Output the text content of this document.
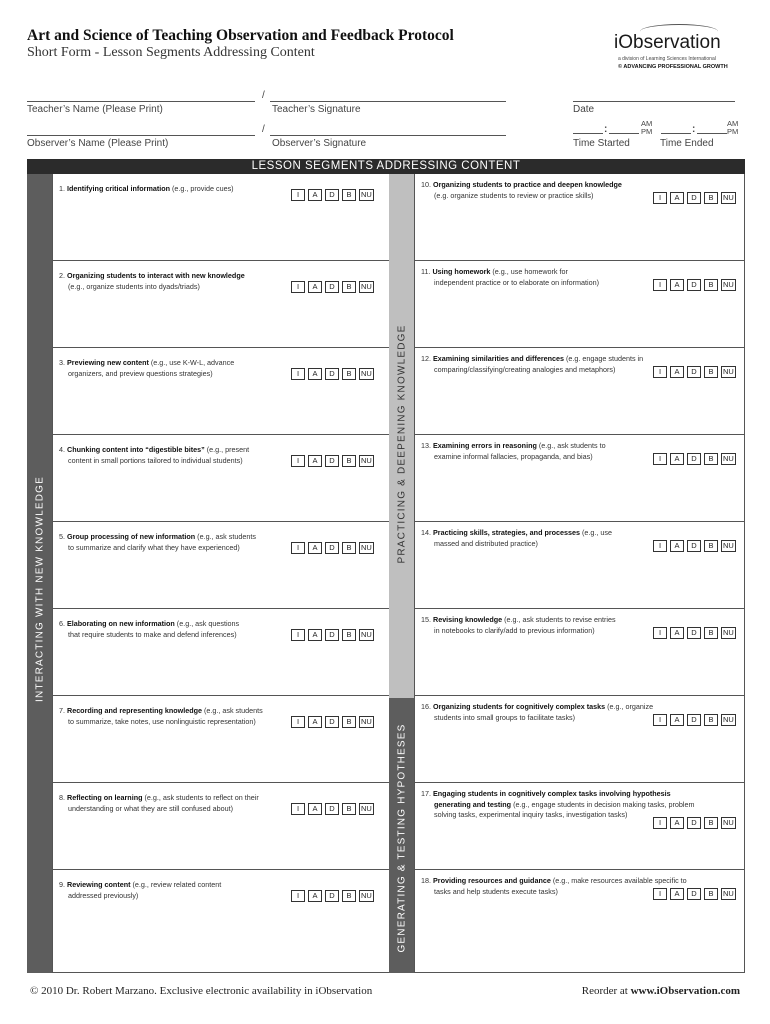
Art and Science of Teaching Observation and Feedback Protocol
Short Form - Lesson Segments Addressing Content	iObservation
a division of Learning Sciences International
© ADVANCING PROFESSIONAL GROWTH
/
Teacher’s Name (Please Print)	Teacher’s Signature	Date
/
Observer’s Name (Please Print)	Observer’s Signature
:
AM
PM	:
AM
PM
Time Started	Time Ended
LESSON SEGMENTS ADDRESSING CONTENT
INTERACTING WITH NEW KNOWLEDGE
PRACTICING & DEEPENING KNOWLEDGE
GENERATING & TESTING HYPOTHESES
1. Identifying critical information (e.g., provide cues)

I	A	D	B	NU
2. Organizing students to interact with new knowledge
(e.g., organize students into dyads/triads)	I	A	D	B	NU
3. Previewing new content (e.g., use K-W-L, advance
organizers, and preview questions strategies)	I	A	D	B	NU
4. Chunking content into “digestible bites” (e.g., present
content in small portions tailored to individual students)	I	A	D	B	NU
5. Group processing of new information (e.g., ask students
to summarize and clarify what they have experienced)	I	A	D	B	NU
6. Elaborating on new information (e.g., ask questions
that require students to make and defend inferences)	I	A	D	B	NU
7. Recording and representing knowledge (e.g., ask students
to summarize, take notes, use nonlinguistic representation)	I	A	D	B	NU
8. Reflecting on learning (e.g., ask students to reflect on their
understanding or what they are still confused about)	I	A	D	B	NU
9. Reviewing content (e.g., review related content
addressed previously)	I	A	D	B	NU
10. Organizing students to practice and deepen knowledge
(e.g. organize students to review or practice skills)	I	A	D	B	NU
11. Using homework (e.g., use homework for
independent practice or to elaborate on information)	I	A	D	B	NU
12. Examining similarities and differences (e.g. engage students in
comparing/classifying/creating analogies and metaphors)	I	A	D	B	NU
13. Examining errors in reasoning (e.g., ask students to
examine informal fallacies, propaganda, and bias)	I	A	D	B	NU
14. Practicing skills, strategies, and processes (e.g., use
massed and distributed practice)	I	A	D	B	NU
15. Revising knowledge (e.g., ask students to revise entries
in notebooks to clarify/add to previous information)	I	A	D	B	NU
16. Organizing students for cognitively complex tasks (e.g., organize
students into small groups to facilitate tasks)	I	A	D	B	NU
17. Engaging students in cognitively complex tasks involving hypothesis
generating and testing (e.g., engage students in decision making tasks, problem
solving tasks, experimental inquiry tasks, investigation tasks)
I	A	D	B	NU
18. Providing resources and guidance (e.g., make resources available specific to
tasks and help students execute tasks)	I	A	D	B	NU
© 2010 Dr. Robert Marzano. Exclusive electronic availability in iObservation	Reorder at www.iObservation.com
